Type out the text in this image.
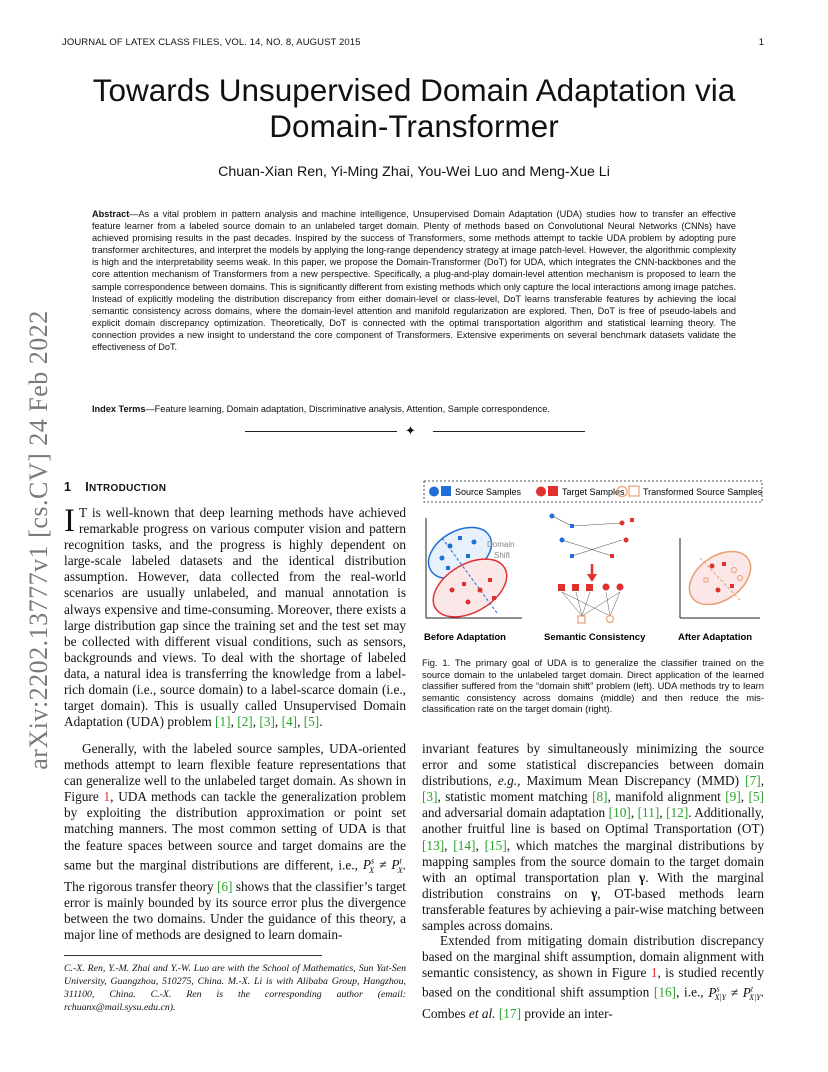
JOURNAL OF LATEX CLASS FILES, VOL. 14, NO. 8, AUGUST 2015	1
Towards Unsupervised Domain Adaptation via Domain-Transformer
Chuan-Xian Ren, Yi-Ming Zhai, You-Wei Luo and Meng-Xue Li
Abstract—As a vital problem in pattern analysis and machine intelligence, Unsupervised Domain Adaptation (UDA) studies how to transfer an effective feature learner from a labeled source domain to an unlabeled target domain. Plenty of methods based on Convolutional Neural Networks (CNNs) have achieved promising results in the past decades. Inspired by the success of Transformers, some methods attempt to tackle UDA problem by adopting pure transformer architectures, and interpret the models by applying the long-range dependency strategy at image patch-level. However, the algorithmic complexity is high and the interpretability seems weak. In this paper, we propose the Domain-Transformer (DoT) for UDA, which integrates the CNN-backbones and the core attention mechanism of Transformers from a new perspective. Specifically, a plug-and-play domain-level attention mechanism is proposed to learn the sample correspondence between domains. This is significantly different from existing methods which only capture the local interactions among image patches. Instead of explicitly modeling the distribution discrepancy from either domain-level or class-level, DoT learns transferable features by achieving the local semantic consistency across domains, where the domain-level attention and manifold regularization are explored. Then, DoT is free of pseudo-labels and explicit domain discrepancy optimization. Theoretically, DoT is connected with the optimal transportation algorithm and statistical learning theory. The connection provides a new insight to understand the core component of Transformers. Extensive experiments on several benchmark datasets validate the effectiveness of DoT.
Index Terms—Feature learning, Domain adaptation, Discriminative analysis, Attention, Sample correspondence.
✦
arXiv:2202.13777v1 [cs.CV] 24 Feb 2022 1 INTRODUCTION
I T is well-known that deep learning methods have achieved remarkable progress on various computer vision and pattern recognition tasks, and the progress is highly dependent on large-scale labeled datasets and the identical distribution assumption. However, data collected from the real-world scenarios are usually unlabeled, and manual annotation is always expensive and time-consuming. Moreover, there exists a large distribution gap since the training set and the test set may be collected with different visual conditions, such as sensors, backgrounds and views. To deal with the shortage of labeled data, a natural idea is transferring the knowledge from a label-rich domain (i.e., source domain) to a label-scarce domain (i.e., target domain). This is usually called Unsupervised Domain Adaptation (UDA) problem [1], [2], [3], [4], [5].
Generally, with the labeled source samples, UDA-oriented methods attempt to learn flexible feature representations that can generalize well to the unlabeled target domain. As shown in Figure 1, UDA methods can tackle the generalization problem by exploiting the distribution approximation or point set matching manners. The most common setting of UDA is that the feature spaces between source and target domains are the same but the marginal distributions are different, i.e., $P^s_X \ne P^t_X$. The rigorous transfer theory [6] shows that the classifier’s target error is mainly bounded by its source error plus the divergence between the two domains. Under the guidance of this theory, a major line of methods are designed to learn domain-
C.-X. Ren, Y.-M. Zhai and Y.-W. Luo are with the School of Mathematics, Sun Yat-Sen University, Guangzhou, 510275, China. M.-X. Li is with Alibaba Group, Hangzhou, 311100, China. C.-X. Ren is the corresponding author (email: rchuanx@mail.sysu.edu.cn).
Source Samples	Target Samples Transformed Source Samples
Domain
Shift
Before Adaptation	Semantic Consistency	After Adaptation
Fig. 1. The primary goal of UDA is to generalize the classifier trained on the source domain to the unlabeled target domain. Direct application of the learned classifier suffered from the “domain shift” problem (left). UDA methods try to learn semantic consistency across domains (middle) and then reduce the mis-classification rate on the target domain (right).
invariant features by simultaneously minimizing the source error and some statistical discrepancies between domain distributions, e.g., Maximum Mean Discrepancy (MMD) [7], [3], statistic moment matching [8], manifold alignment [9], [5] and adversarial domain adaptation [10], [11], [12]. Additionally, another fruitful line is based on Optimal Transportation (OT) [13], [14], [15], which matches the marginal distributions by mapping samples from the source domain to the target domain with an optimal transportation plan γ. With the marginal distribution constrains on γ, OT-based methods learn transferable features by achieving a pair-wise matching between samples across domains.
Extended from mitigating domain distribution discrepancy based on the marginal shift assumption, domain alignment with semantic consistency, as shown in Figure 1, is studied recently based on the conditional shift assumption [16], i.e., $P^s_{X|Y} \ne P^t_{X|Y}$. Combes et al. [17] provide an inter-
